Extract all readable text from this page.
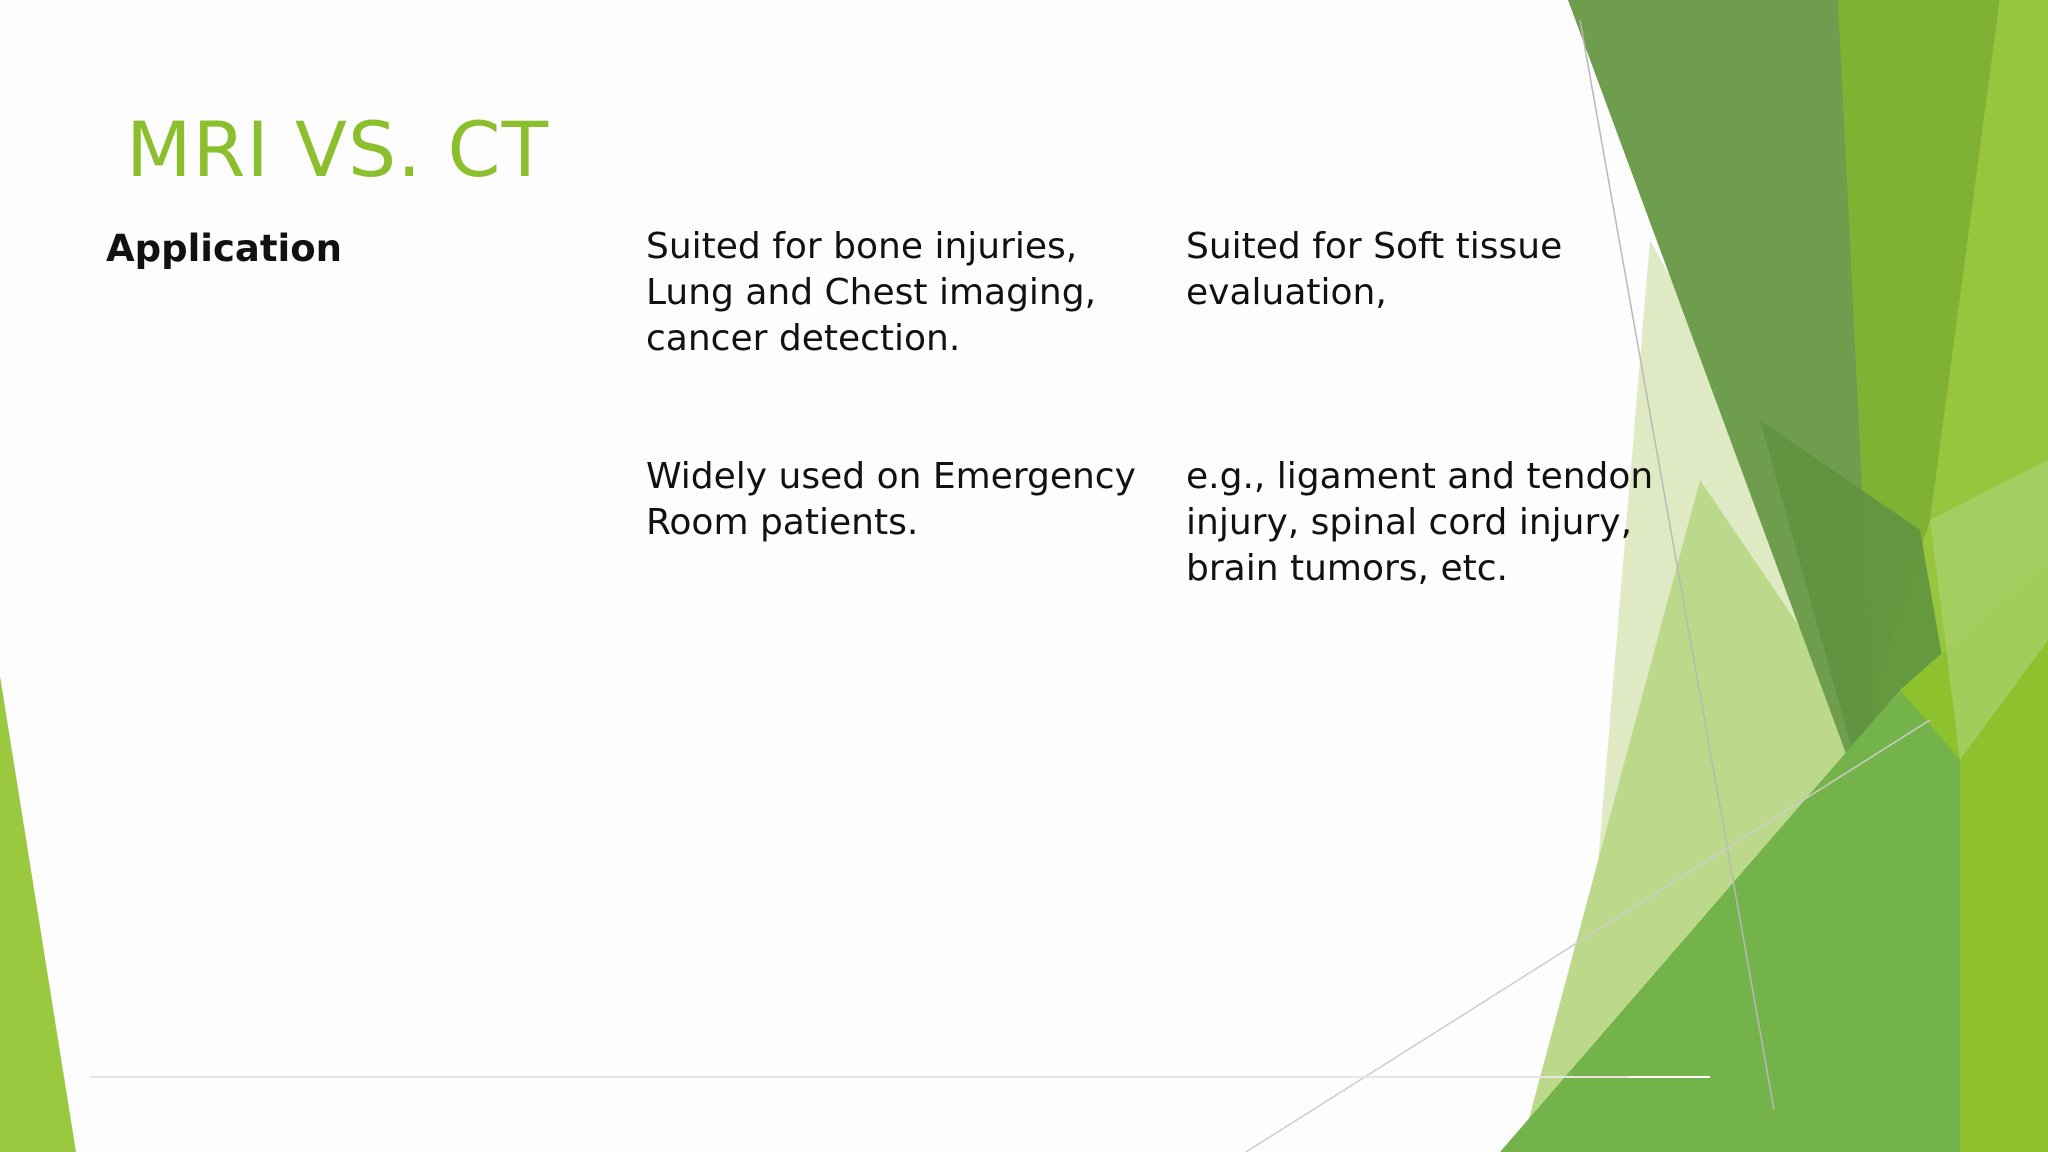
MRI VS. CT
Application	Suited for bone injuries,
Lung and Chest imaging,
cancer detection.
Widely used on Emergency
Room patients.
Suited for Soft tissue
evaluation,
e.g., ligament and tendon
injury, spinal cord injury,
brain tumors, etc.
